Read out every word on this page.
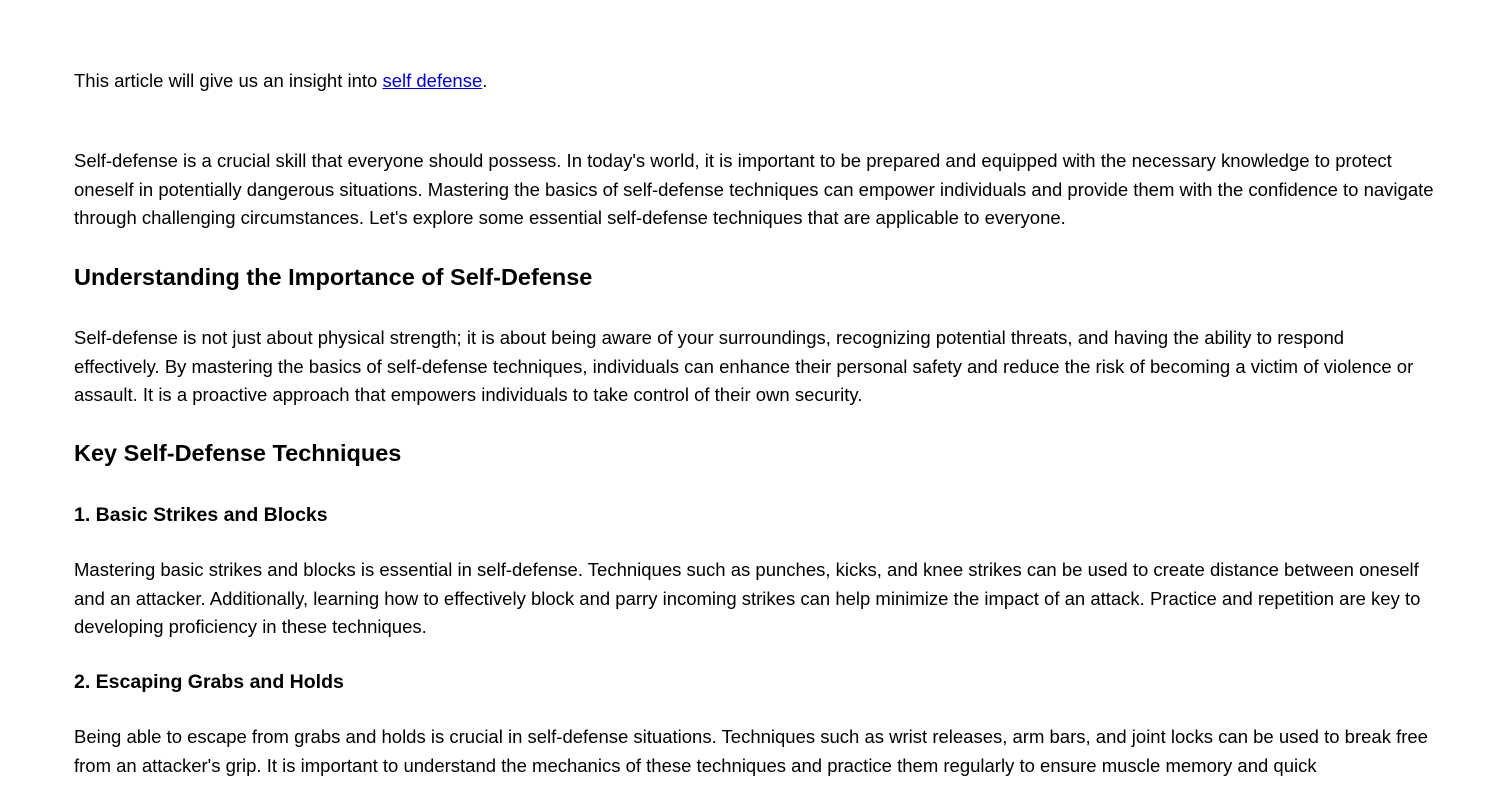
This article will give us an insight into self defense.

Self-defense is a crucial skill that everyone should possess. In today's world, it is important to be prepared and equipped with the necessary knowledge to protect oneself in potentially dangerous situations. Mastering the basics of self-defense techniques can empower individuals and provide them with the confidence to navigate through challenging circumstances. Let's explore some essential self-defense techniques that are applicable to everyone.

Understanding the Importance of Self-Defense

Self-defense is not just about physical strength; it is about being aware of your surroundings, recognizing potential threats, and having the ability to respond effectively. By mastering the basics of self-defense techniques, individuals can enhance their personal safety and reduce the risk of becoming a victim of violence or assault. It is a proactive approach that empowers individuals to take control of their own security.

Key Self-Defense Techniques
1. Basic Strikes and Blocks

Mastering basic strikes and blocks is essential in self-defense. Techniques such as punches, kicks, and knee strikes can be used to create distance between oneself and an attacker. Additionally, learning how to effectively block and parry incoming strikes can help minimize the impact of an attack. Practice and repetition are key to developing proficiency in these techniques.

2. Escaping Grabs and Holds

Being able to escape from grabs and holds is crucial in self-defense situations. Techniques such as wrist releases, arm bars, and joint locks can be used to break free from an attacker's grip. It is important to understand the mechanics of these techniques and practice them regularly to ensure muscle memory and quick
